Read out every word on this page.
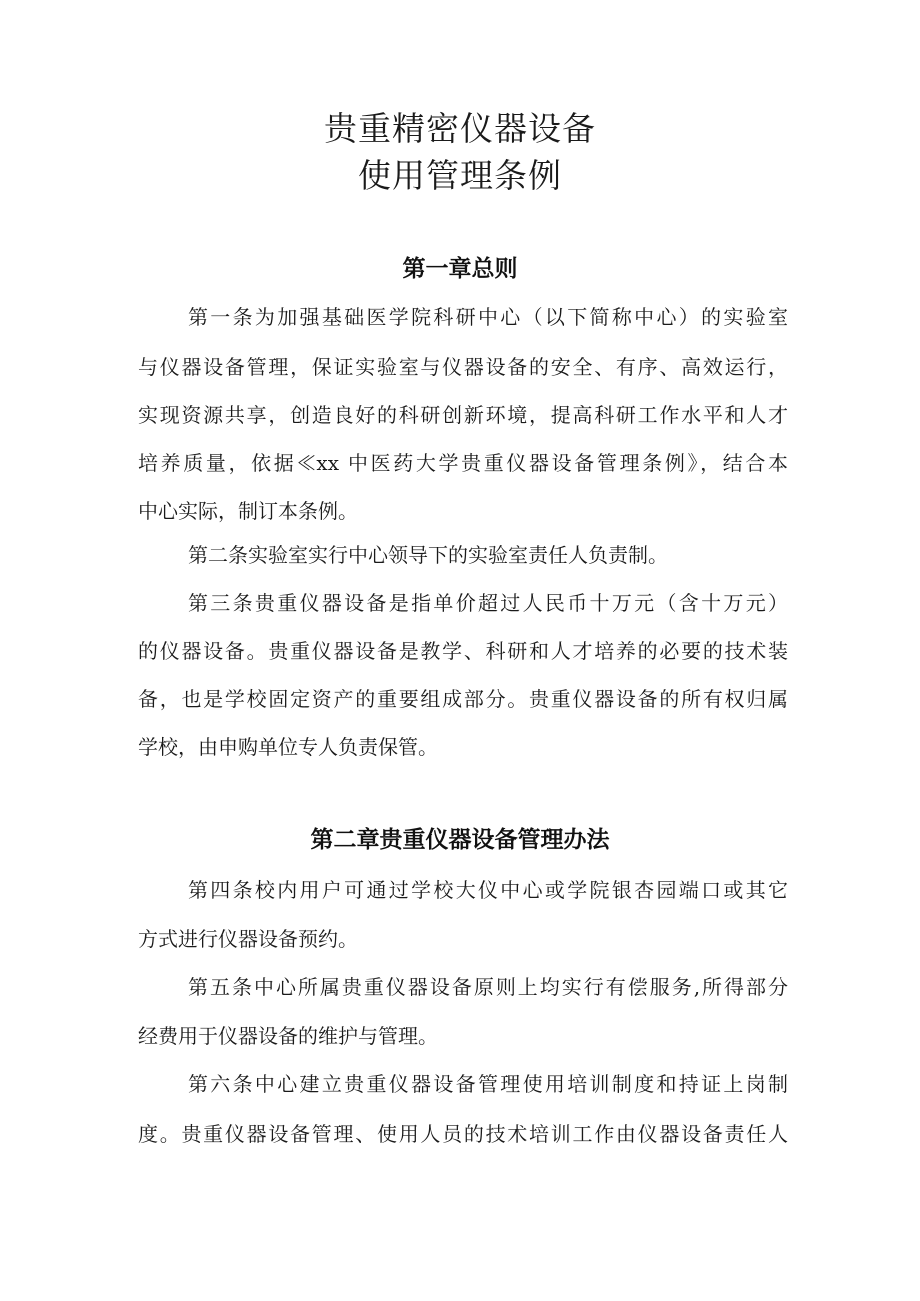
贵重精密仪器设备
使用管理条例
第一章总则
第一条为加强基础医学院科研中心（以下简称中心）的实验室
与仪器设备管理，保证实验室与仪器设备的安全、有序、高效运行，
实现资源共享，创造良好的科研创新环境，提高科研工作水平和人才
培养质量，依据≪xx 中医药大学贵重仪器设备管理条例》，结合本
中心实际，制订本条例。
第二条实验室实行中心领导下的实验室责任人负责制。
第三条贵重仪器设备是指单价超过人民币十万元（含十万元）
的仪器设备。贵重仪器设备是教学、科研和人才培养的必要的技术装
备，也是学校固定资产的重要组成部分。贵重仪器设备的所有权归属
学校，由申购单位专人负责保管。
第二章贵重仪器设备管理办法
第四条校内用户可通过学校大仪中心或学院银杏园端口或其它
方式进行仪器设备预约。
第五条中心所属贵重仪器设备原则上均实行有偿服务,所得部分
经费用于仪器设备的维护与管理。
第六条中心建立贵重仪器设备管理使用培训制度和持证上岗制
度。贵重仪器设备管理、使用人员的技术培训工作由仪器设备责任人
